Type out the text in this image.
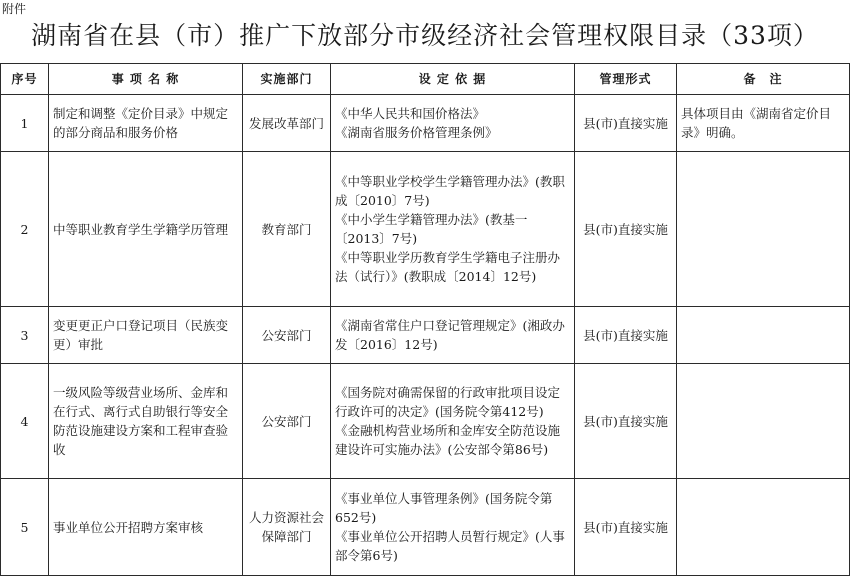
附件
湖南省在县（市）推广下放部分市级经济社会管理权限目录（33项）
序号	事 项 名 称	实施部门	设 定 依 据	管理形式	备　注
1	制定和调整《定价目录》中规定的部分商品和服务价格	发展改革部门	《中华人民共和国价格法》
《湖南省服务价格管理条例》	县(市)直接实施	具体项目由《湖南省定价目录》明确。
2	中等职业教育学生学籍学历管理	教育部门	《中等职业学校学生学籍管理办法》(教职成〔2010〕7号)
《中小学生学籍管理办法》(教基一〔2013〕7号)
《中等职业学历教育学生学籍电子注册办法（试行）》(教职成〔2014〕12号)	县(市)直接实施	
3	变更更正户口登记项目（民族变更）审批	公安部门	《湖南省常住户口登记管理规定》(湘政办发〔2016〕12号)	县(市)直接实施	
4	一级风险等级营业场所、金库和在行式、离行式自助银行等安全防范设施建设方案和工程审查验收	公安部门	《国务院对确需保留的行政审批项目设定行政许可的决定》(国务院令第412号)
《金融机构营业场所和金库安全防范设施建设许可实施办法》(公安部令第86号)	县(市)直接实施	
5	事业单位公开招聘方案审核	人力资源社会保障部门	《事业单位人事管理条例》(国务院令第652号)
《事业单位公开招聘人员暂行规定》(人事部令第6号)	县(市)直接实施	
